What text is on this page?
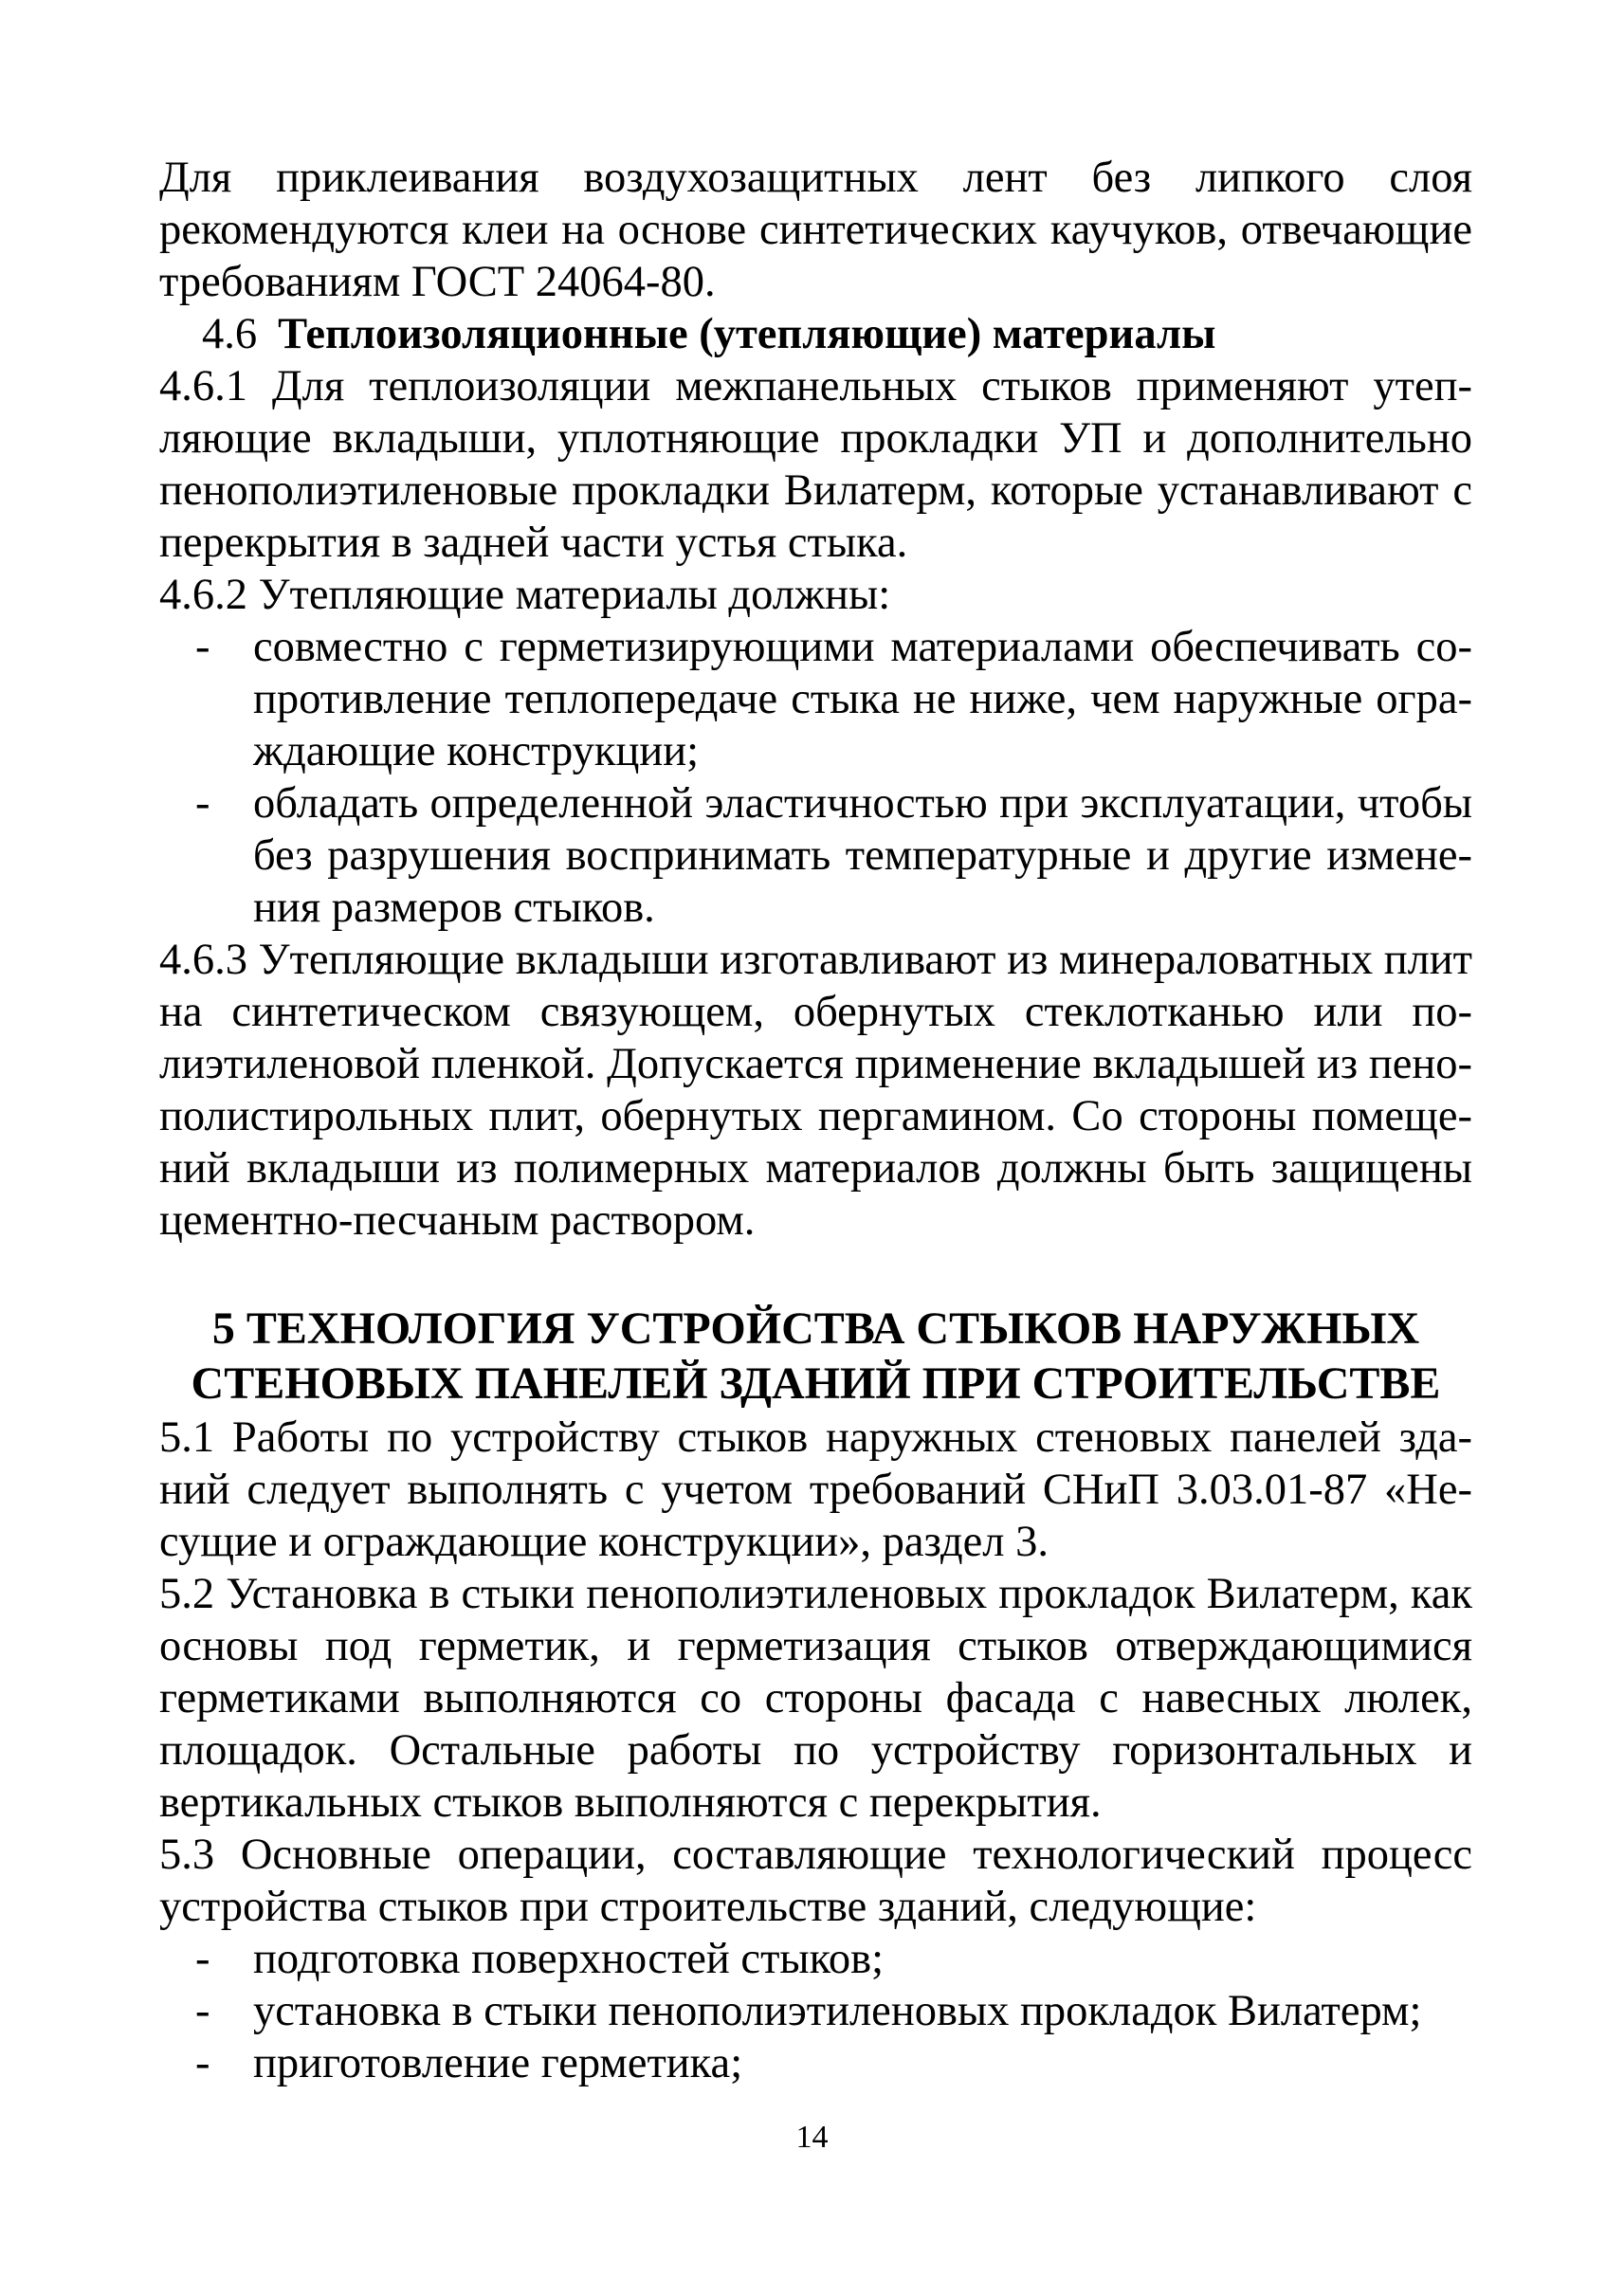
Для приклеивания воздухозащитных лент без липкого слоя рекомендуются клеи на основе синтетических каучуков, отвечающие требованиям ГОСТ 24064-80.

4.6 Теплоизоляционные (утепляющие) материалы

4.6.1 Для теплоизоляции межпанельных стыков применяют утепляющие вкладыши, уплотняющие прокладки УП и дополнительно пенополиэтиленовые прокладки Вилатерм, которые устанавливают с перекрытия в задней части устья стыка.

4.6.2 Утепляющие материалы должны:

- совместно с герметизирующими материалами обеспечивать сопротивление теплопередаче стыка не ниже, чем наружные ограждающие конструкции;
- обладать определенной эластичностью при эксплуатации, чтобы без разрушения воспринимать температурные и другие изменения размеров стыков.

4.6.3 Утепляющие вкладыши изготавливают из минераловатных плит на синтетическом связующем, обернутых стеклотканью или полиэтиленовой пленкой. Допускается применение вкладышей из пенополистирольных плит, обернутых пергамином. Со стороны помещений вкладыши из полимерных материалов должны быть защищены цементно-песчаным раствором.

5 ТЕХНОЛОГИЯ УСТРОЙСТВА СТЫКОВ НАРУЖНЫХ
СТЕНОВЫХ ПАНЕЛЕЙ ЗДАНИЙ ПРИ СТРОИТЕЛЬСТВЕ

5.1 Работы по устройству стыков наружных стеновых панелей зданий следует выполнять с учетом требований СНиП 3.03.01-87 «Несущие и ограждающие конструкции», раздел 3.

5.2 Установка в стыки пенополиэтиленовых прокладок Вилатерм, как основы под герметик, и герметизация стыков отверждающимися герметиками выполняются со стороны фасада с навесных люлек, площадок. Остальные работы по устройству горизонтальных и вертикальных стыков выполняются с перекрытия.

5.3 Основные операции, составляющие технологический процесс устройства стыков при строительстве зданий, следующие:

- подготовка поверхностей стыков;
- установка в стыки пенополиэтиленовых прокладок Вилатерм;
- приготовление герметика;
14
